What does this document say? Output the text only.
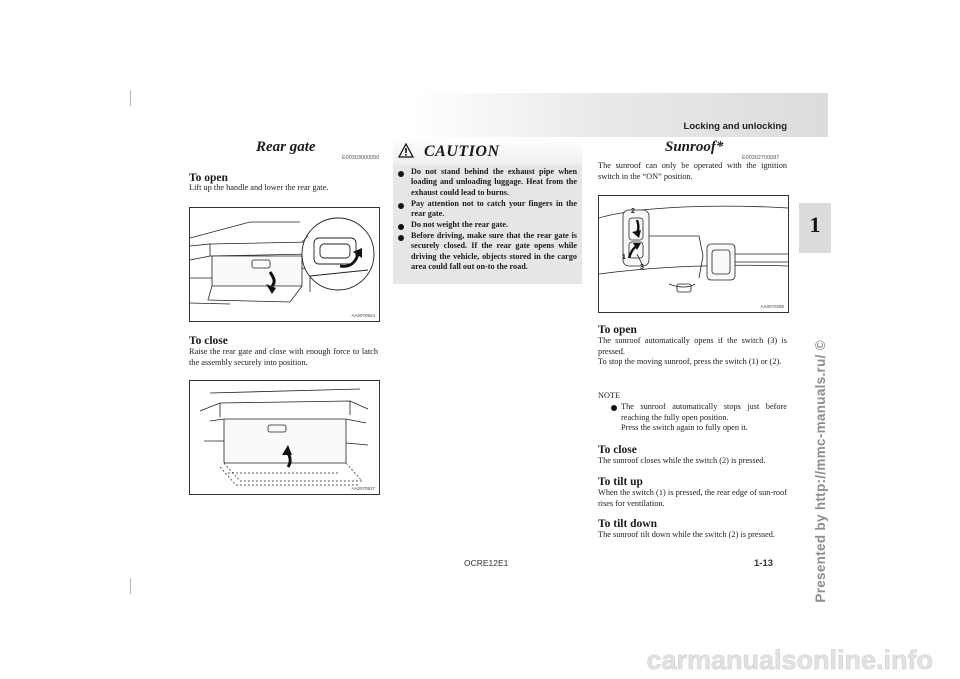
Locking and unlocking
1
Presented by http://mmc-manuals.ru/ ©
Rear gate
E00303000050
To open
Lift up the handle and lower the rear gate.
AA0070924
To close
Raise the rear gate and close with enough force to latch the assembly securely into position.
AA0070937
Do not stand behind the exhaust pipe when loading and unloading luggage. Heat from the exhaust could lead to burns.
Pay attention not to catch your fingers in the rear gate.
Do not weight the rear gate.
Before driving, make sure that the rear gate is securely closed. If the rear gate opens while driving the vehicle, objects stored in the cargo area could fall out on-to the road.
CAUTION	Sunroof*
E00302700087
The sunroof can only be operated with the ignition switch in the “ON” position.
2
1
3
AA0070285
To open
The sunroof automatically opens if the switch (3) is pressed.
To stop the moving sunroof, press the switch (1) or (2).
NOTE
The sunroof automatically stops just before reaching the fully open position.
Press the switch again to fully open it.
To close
The sunroof closes while the switch (2) is pressed.
To tilt up
When the switch (1) is pressed, the rear edge of sun-roof rises for ventilation.
To tilt down
The sunroof tilt down while the switch (2) is pressed.
OCRE12E1	1-13
carmanualsonline.info
